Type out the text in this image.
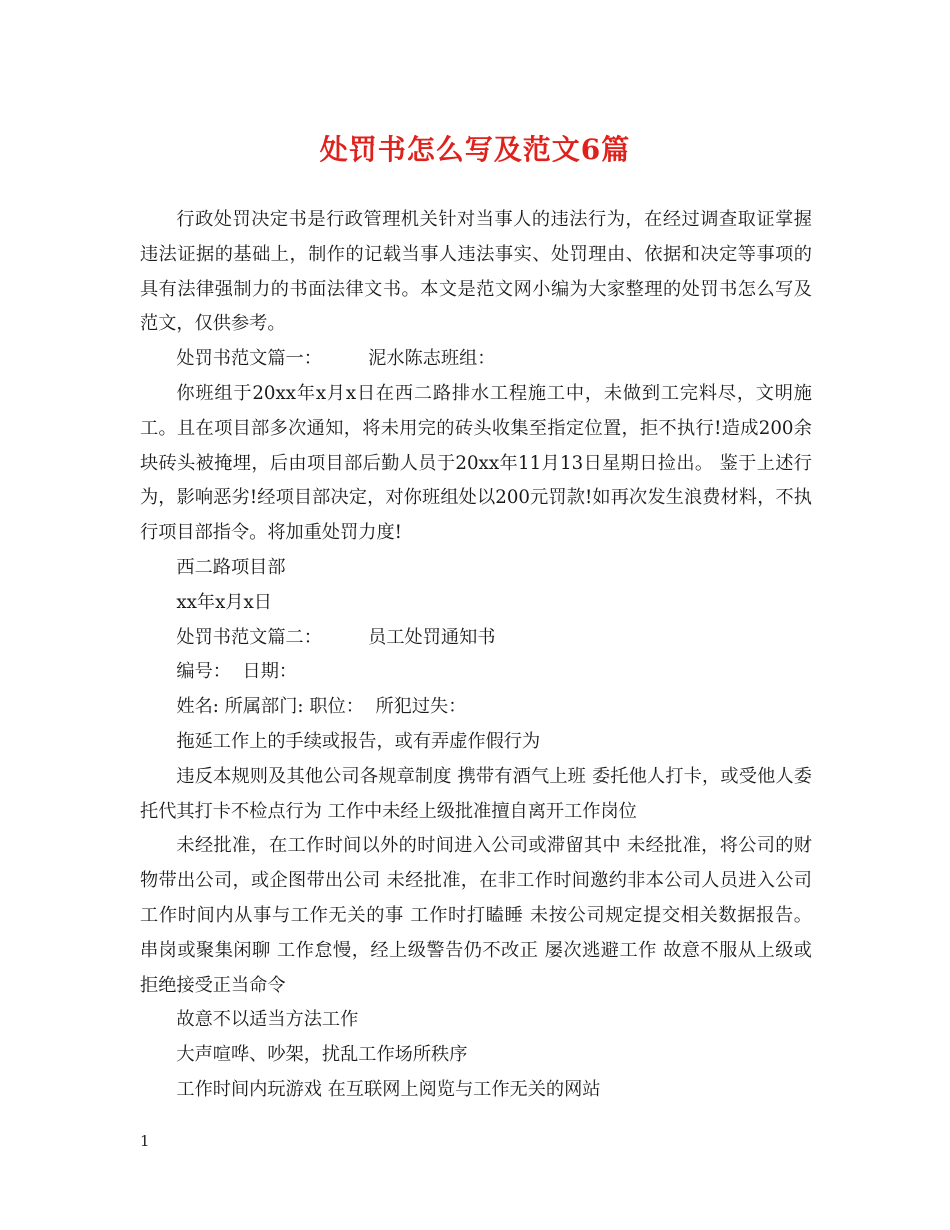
处罚书怎么写及范文6篇

行政处罚决定书是行政管理机关针对当事人的违法行为，在经过调查取证掌握违法证据的基础上，制作的记载当事人违法事实、处罚理由、依据和决定等事项的具有法律强制力的书面法律文书。本文是范文网小编为大家整理的处罚书怎么写及范文，仅供参考。

处罚书范文篇一：        泥水陈志班组：

你班组于20xx年x月x日在西二路排水工程施工中，未做到工完料尽，文明施工。且在项目部多次通知，将未用完的砖头收集至指定位置，拒不执行!造成200余块砖头被掩埋，后由项目部后勤人员于20xx年11月13日星期日捡出。 鉴于上述行为，影响恶劣!经项目部决定，对你班组处以200元罚款!如再次发生浪费材料，不执行项目部指令。将加重处罚力度!

西二路项目部

xx年x月x日

处罚书范文篇二：        员工处罚通知书

编号：  日期：

姓名: 所属部门: 职位：  所犯过失：

拖延工作上的手续或报告，或有弄虚作假行为

违反本规则及其他公司各规章制度 携带有酒气上班 委托他人打卡，或受他人委托代其打卡不检点行为 工作中未经上级批准擅自离开工作岗位

未经批准，在工作时间以外的时间进入公司或滞留其中 未经批准，将公司的财物带出公司，或企图带出公司 未经批准，在非工作时间邀约非本公司人员进入公司 工作时间内从事与工作无关的事 工作时打瞌睡 未按公司规定提交相关数据报告。 串岗或聚集闲聊 工作怠慢，经上级警告仍不改正 屡次逃避工作 故意不服从上级或拒绝接受正当命令

故意不以适当方法工作

大声喧哗、吵架，扰乱工作场所秩序

工作时间内玩游戏 在互联网上阅览与工作无关的网站

1
